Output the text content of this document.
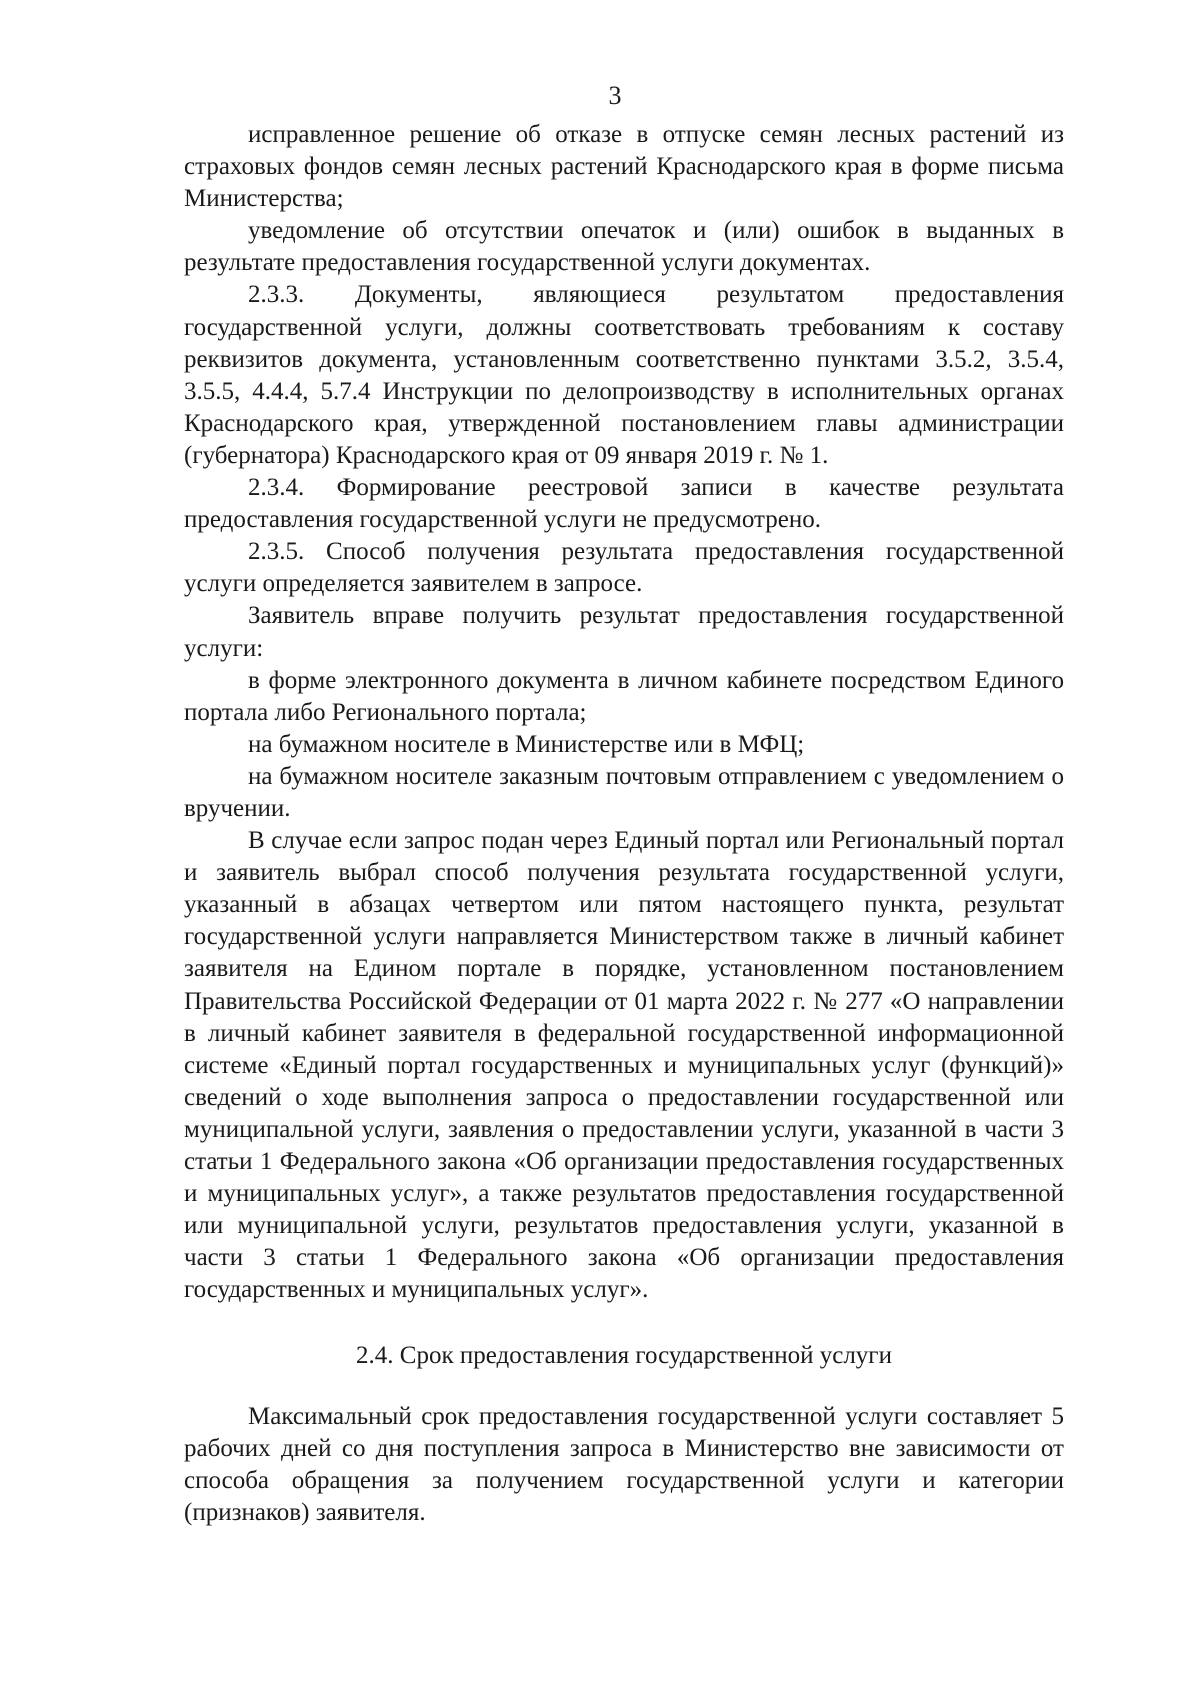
3

исправленное решение об отказе в отпуске семян лесных растений из страховых фондов семян лесных растений Краснодарского края в форме письма Министерства;

уведомление об отсутствии опечаток и (или) ошибок в выданных в результате предоставления государственной услуги документах.

2.3.3. Документы, являющиеся результатом предоставления государственной услуги, должны соответствовать требованиям к составу реквизитов документа, установленным соответственно пунктами 3.5.2, 3.5.4, 3.5.5, 4.4.4, 5.7.4 Инструкции по делопроизводству в исполнительных органах Краснодарского края, утвержденной постановлением главы администрации (губернатора) Краснодарского края от 09 января 2019 г. № 1.

2.3.4. Формирование реестровой записи в качестве результата предоставления государственной услуги не предусмотрено.

2.3.5. Способ получения результата предоставления государственной услуги определяется заявителем в запросе.

Заявитель вправе получить результат предоставления государственной услуги:

в форме электронного документа в личном кабинете посредством Единого портала либо Регионального портала;

на бумажном носителе в Министерстве или в МФЦ;

на бумажном носителе заказным почтовым отправлением с уведомлением о вручении.

В случае если запрос подан через Единый портал или Региональный портал и заявитель выбрал способ получения результата государственной услуги, указанный в абзацах четвертом или пятом настоящего пункта, результат государственной услуги направляется Министерством также в личный кабинет заявителя на Едином портале в порядке, установленном постановлением Правительства Российской Федерации от 01 марта 2022 г. № 277 «О направлении в личный кабинет заявителя в федеральной государственной информационной системе «Единый портал государственных и муниципальных услуг (функций)» сведений о ходе выполнения запроса о предоставлении государственной или муниципальной услуги, заявления о предоставлении услуги, указанной в части 3 статьи 1 Федерального закона «Об организации предоставления государственных и муниципальных услуг», а также результатов предоставления государственной или муниципальной услуги, результатов предоставления услуги, указанной в части 3 статьи 1 Федерального закона «Об организации предоставления государственных и муниципальных услуг».

2.4. Срок предоставления государственной услуги

Максимальный срок предоставления государственной услуги составляет 5 рабочих дней со дня поступления запроса в Министерство вне зависимости от способа обращения за получением государственной услуги и категории (признаков) заявителя.
